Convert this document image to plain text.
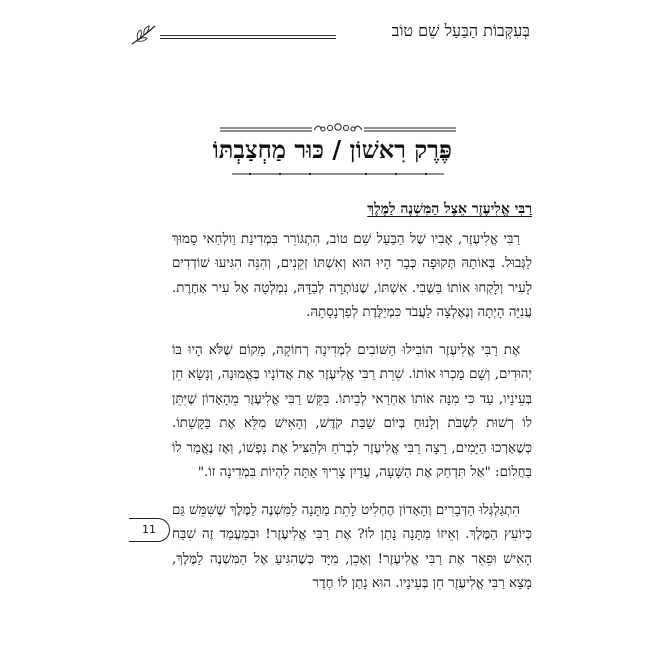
בְּעִקְּבוֹת הַבַּעַל שֵׁם טוֹב
פֶּרֶק רִאשׁוֹן / כּוּר מַחְצַבְתּוֹ
רַבִּי אֱלִיעֶזֶר אֵצֶל הַמִּשְׁנֶה לַמֶּלֶךְ

רַבִּי אֱלִיעֶזֶר, אָבִיו שֶׁל הַבַּעַל שֵׁם טוֹב, הִתְגּוֹרֵר בִּמְדִינַת וַולְחַאי סָמוּךְ לַגְּבוּל. בְּאוֹתָהּ תְּקוּפָה כְּבָר הָיוּ הוּא וְאִשְׁתּוֹ זְקֵנִים, וְהִנֵּה הִגִּיעוּ שׁוֹדְדִים לָעִיר וְלָקְחוּ אוֹתוֹ בַּשֶּׁבִי. אִשְׁתּוֹ, שֶׁנּוֹתְרָה לְבַדָּהּ, נִמְלְטָה אֶל עִיר אַחֶרֶת. עֲנִיָּה הָיְתָה וְנֶאֶלְצָה לַעֲבֹד כִּמְיַלֶּדֶת לְפַרְנָסָתָהּ.

אֶת רַבִּי אֱלִיעֶזֶר הוֹבִילוּ הַשּׁוֹבִים לִמְדִינָה רְחוֹקָה, מָקוֹם שֶׁלֹּא הָיוּ בּוֹ יְהוּדִים, וְשָׁם מָכְרוּ אוֹתוֹ. שֵׁרֵת רַבִּי אֱלִיעֶזֶר אֶת אֲדוֹנָיו בֶּאֱמוּנָה, וְנָשָׂא חֵן בְּעֵינָיו, עַד כִּי מִנָּה אוֹתוֹ אַחְרַאי לְבֵיתוֹ. בִּקֵּשׁ רַבִּי אֱלִיעֶזֶר מֵהָאָדוֹן שֶׁיִּתֵּן לוֹ רְשׁוּת לִשְׁבֹּת וְלָנוּחַ בְּיוֹם שַׁבַּת קֹדֶשׁ, וְהָאִישׁ מִלֵּא אֶת בַּקָּשָׁתוֹ. כְּשֶׁאָרְכוּ הַיָּמִים, רָצָה רַבִּי אֱלִיעֶזֶר לִבְרֹחַ וּלְהַצִּיל אֶת נַפְשׁוֹ, וְאָז נֶאֱמַר לוֹ בַּחֲלוֹם: "אַל תִּדְחַק אֶת הַשָּׁעָה, עֲדַיִן צָרִיךְ אַתָּה לִהְיוֹת בִּמְדִינָה זוֹ."

הִתְגַּלְגְּלוּ הַדְּבָרִים וְהָאָדוֹן הֶחְלִיט לָתֵת מַתָּנָה לַמִּשְׁנֶה לַמֶּלֶךְ שֶׁשִּׁמֵּשׁ גַּם כְּיוֹעֵץ הַמֶּלֶךְ. וְאֵיזוֹ מַתָּנָה נָתַן לוֹ? אֶת רַבִּי אֱלִיעֶזֶר! וּבְמַעֲמַד זֶה שִׁבַּח הָאִישׁ וּפֵאֵר אֶת רַבִּי אֱלִיעֶזֶר! וְאָכֵן, מִיָּד כְּשֶׁהִגִּיעַ אֶל הַמִּשְׁנֶה לַמֶּלֶךְ, מָצָא רַבִּי אֱלִיעֶזֶר חֵן בְּעֵינָיו. הוּא נָתַן לוֹ חֶדֶר

11
